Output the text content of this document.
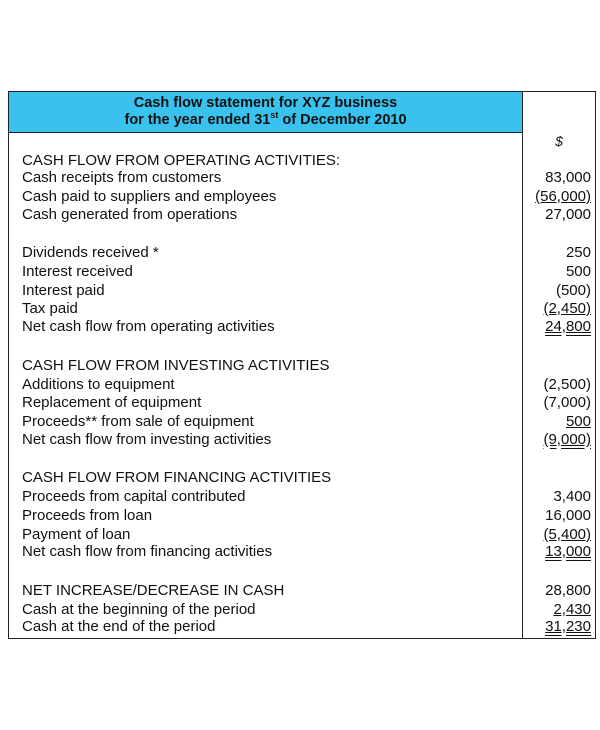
Cash flow statement for XYZ business
for the year ended 31st of December 2010
$
CASH FLOW FROM OPERATING ACTIVITIES:
Cash receipts from customers	83,000
Cash paid to suppliers and employees	(56,000)
Cash generated from operations	27,000
Dividends received *	250
Interest received	500
Interest paid	(500)
Tax paid	(2,450)
Net cash flow from operating activities	24,800
CASH FLOW FROM INVESTING ACTIVITIES
Additions to equipment	(2,500)
Replacement of equipment	(7,000)
Proceeds** from sale of equipment	500
Net cash flow from investing activities	(9,000)
CASH FLOW FROM FINANCING ACTIVITIES
Proceeds from capital contributed	3,400
Proceeds from loan	16,000
Payment of loan	(5,400)
Net cash flow from financing activities	13,000
NET INCREASE/DECREASE IN CASH	28,800
Cash at the beginning of the period	2,430
Cash at the end of the period	31,230
